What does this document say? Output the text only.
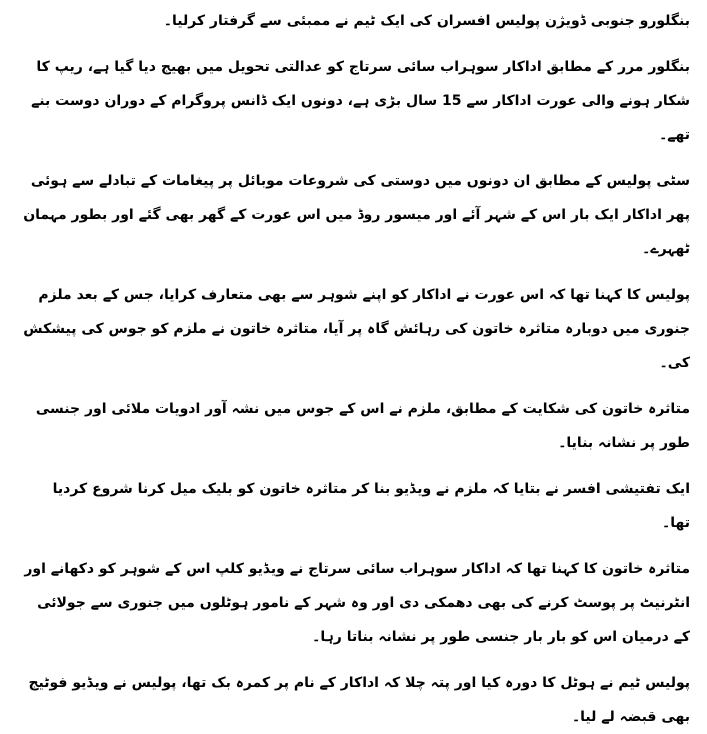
بنگلورو جنوبی ڈویژن پولیس افسران کی ایک ٹیم نے ممبئی سے گرفتار کرلیا۔

بنگلور مرر کے مطابق اداکار سوہراب سائی سرتاج کو عدالتی تحویل میں بھیج دیا گیا ہے، ریپ کا شکار ہونے والی عورت اداکار سے 15 سال بڑی ہے، دونوں ایک ڈانس پروگرام کے دوران دوست بنے تھے۔

سٹی پولیس کے مطابق ان دونوں میں دوستی کی شروعات موبائل پر پیغامات کے تبادلے سے ہوئی پھر اداکار ایک بار اس کے شہر آئے اور میسور روڈ میں اس عورت کے گھر بھی گئے اور بطور مہمان ٹھہرے۔

پولیس کا کہنا تھا کہ اس عورت نے اداکار کو اپنے شوہر سے بھی متعارف کرایا، جس کے بعد ملزم جنوری میں دوبارہ متاثرہ خاتون کی رہائش گاہ پر آیا، متاثرہ خاتون نے ملزم کو جوس کی پیشکش کی۔

متاثرہ خاتون کی شکایت کے مطابق، ملزم نے اس کے جوس میں نشہ آور ادویات ملائی اور جنسی طور پر نشانہ بنایا۔

ایک تفتیشی افسر نے بتایا کہ ملزم نے ویڈیو بنا کر متاثرہ خاتون کو بلیک میل کرنا شروع کردیا تھا۔

متاثرہ خاتون کا کہنا تھا کہ اداکار سوہراب سائی سرتاج نے ویڈیو کلپ اس کے شوہر کو دکھانے اور انٹرنیٹ پر پوسٹ کرنے کی بھی دھمکی دی اور وہ شہر کے نامور ہوٹلوں میں جنوری سے جولائی کے درمیان اس کو بار بار جنسی طور پر نشانہ بناتا رہا۔

پولیس ٹیم نے ہوٹل کا دورہ کیا اور پتہ چلا کہ اداکار کے نام پر کمرہ بک تھا، پولیس نے ویڈیو فوٹیج بھی قبضہ لے لیا۔
